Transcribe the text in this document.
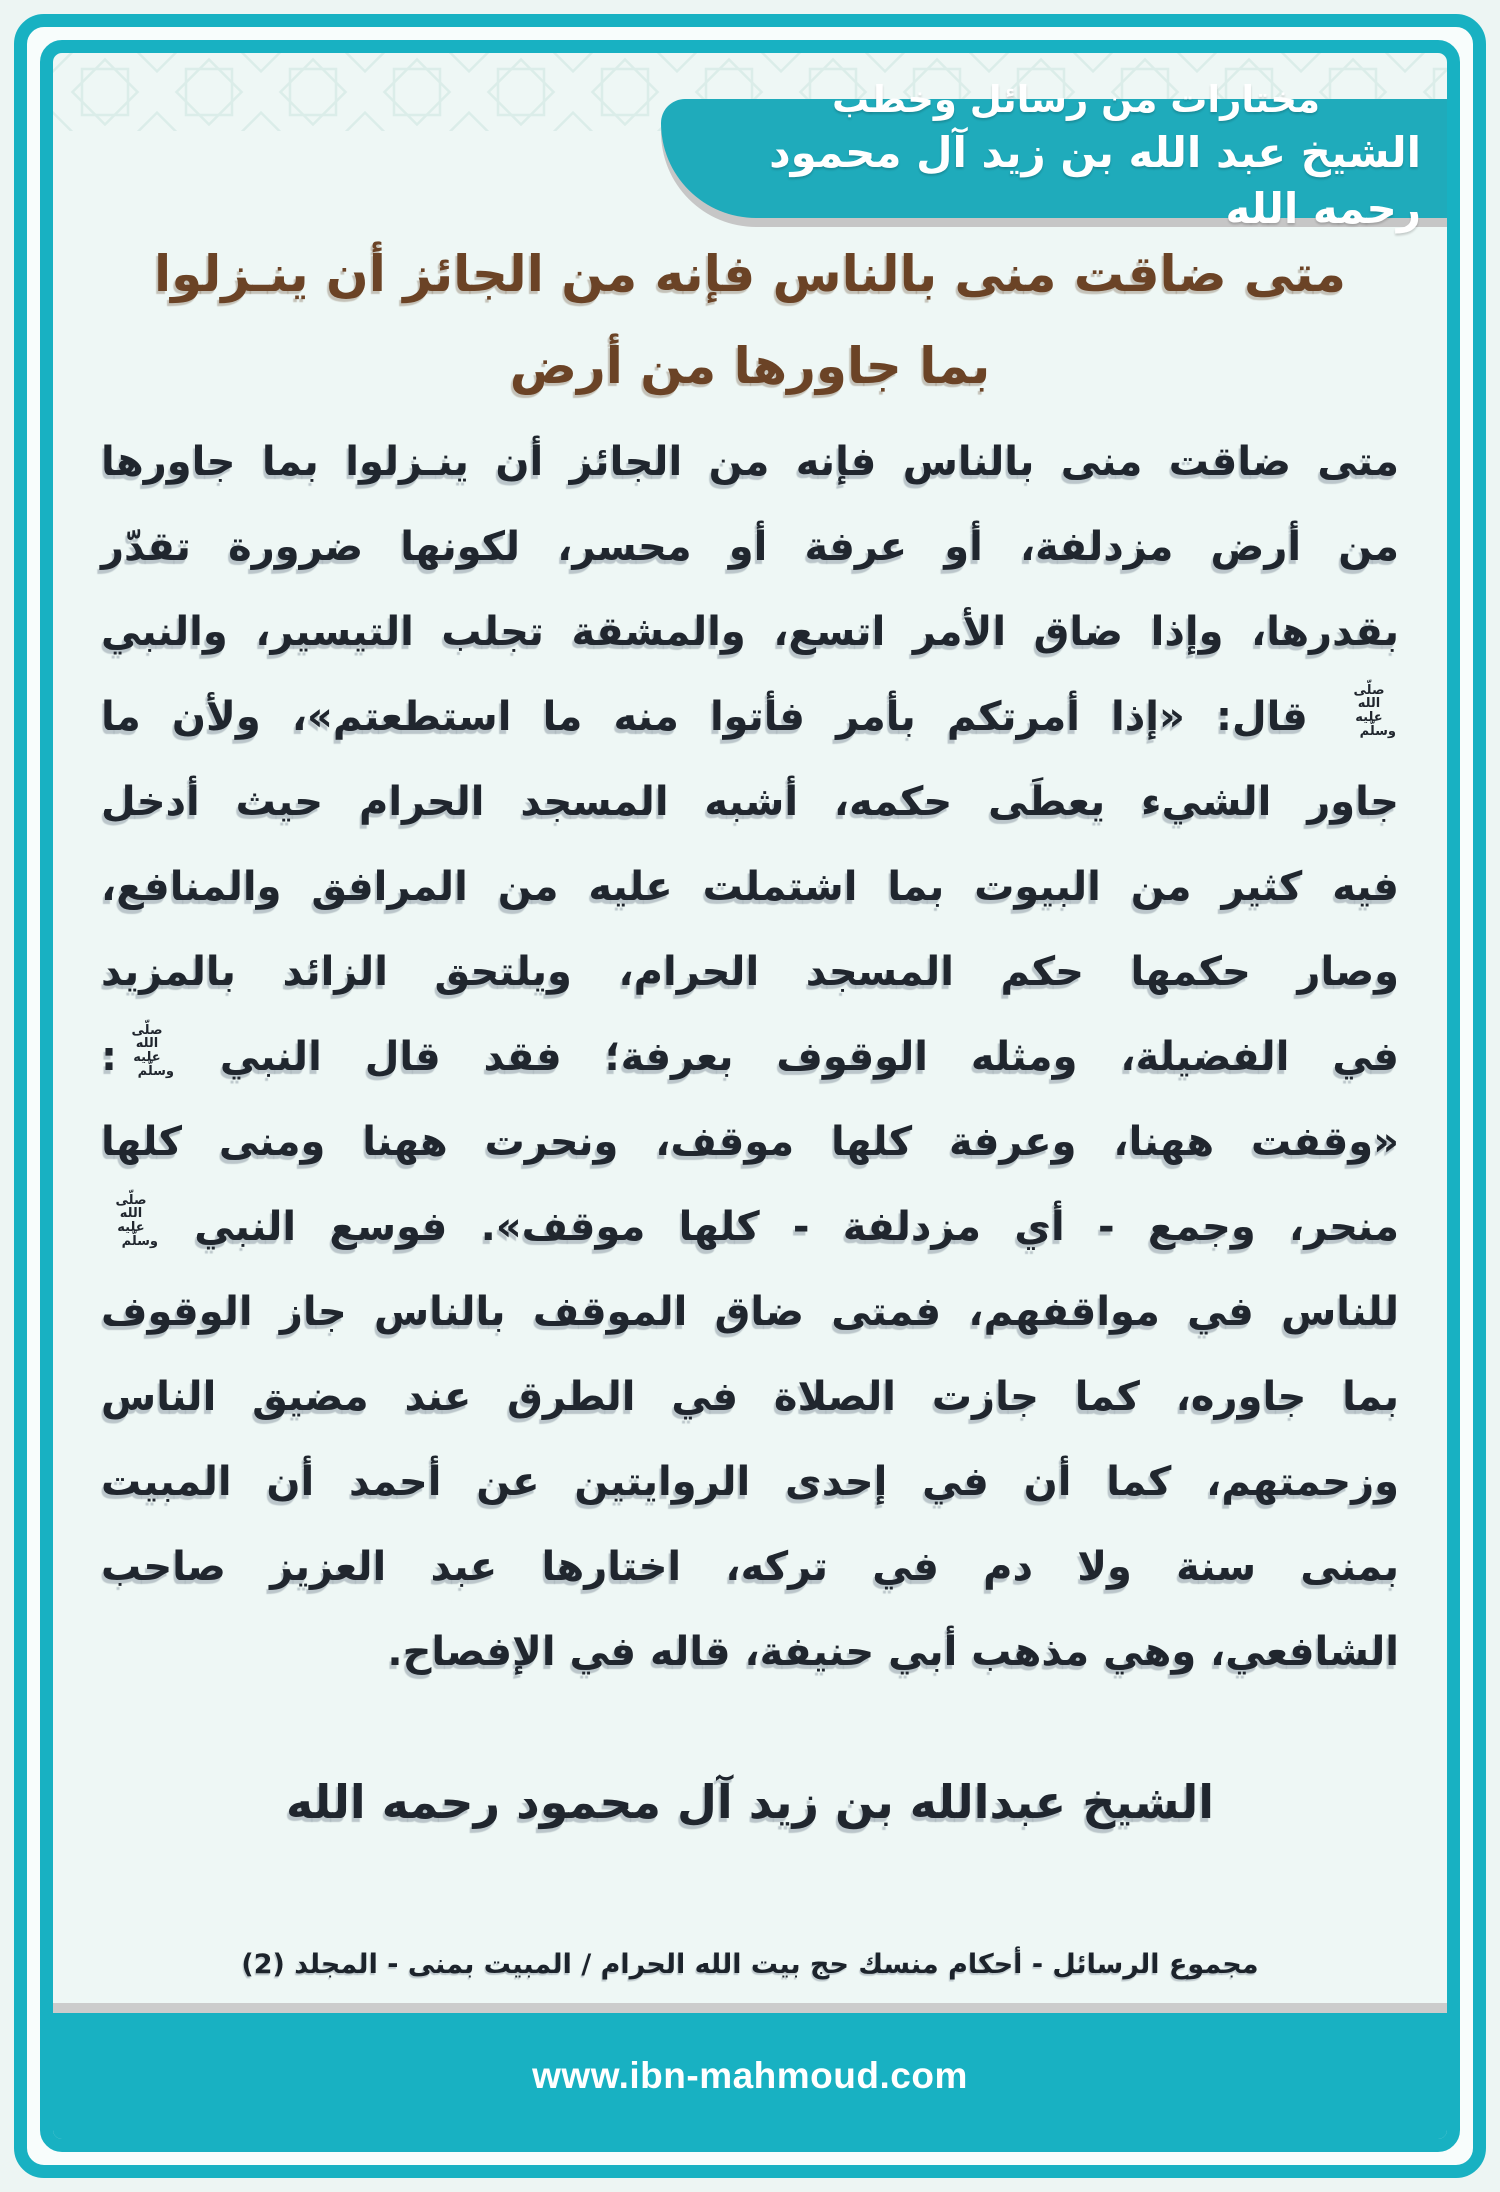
مختارات من رسائل وخطب
الشيخ عبد الله بن زيد آل محمود رحمه الله
متى ضاقت منى بالناس فإنه من الجائز أن ينـزلوا
بما جاورها من أرض
متى ضاقت منى بالناس فإنه من الجائز أن ينـزلوا بما جاورها
من أرض مزدلفة، أو عرفة أو محسر، لكونها ضرورة تقدّر
بقدرها، وإذا ضاق الأمر اتسع، والمشقة تجلب التيسير، والنبي
صلّى الله عليه وسلّم قال: «إذا أمرتكم بأمر فأتوا منه ما استطعتم»، ولأن ما
جاور الشيء يعطَى حكمه، أشبه المسجد الحرام حيث أدخل
فيه كثير من البيوت بما اشتملت عليه من المرافق والمنافع،
وصار حكمها حكم المسجد الحرام، ويلتحق الزائد بالمزيد
في الفضيلة، ومثله الوقوف بعرفة؛ فقد قال النبي صلّى الله عليه وسلّم:
«وقفت ههنا، وعرفة كلها موقف، ونحرت ههنا ومنى كلها
منحر، وجمع - أي مزدلفة - كلها موقف». فوسع النبي صلّى الله عليه وسلّم
للناس في مواقفهم، فمتى ضاق الموقف بالناس جاز الوقوف
بما جاوره، كما جازت الصلاة في الطرق عند مضيق الناس
وزحمتهم، كما أن في إحدى الروايتين عن أحمد أن المبيت
بمنى سنة ولا دم في تركه، اختارها عبد العزيز صاحب
الشافعي، وهي مذهب أبي حنيفة، قاله في الإفصاح.
الشيخ عبدالله بن زيد آل محمود رحمه الله
مجموع الرسائل - أحكام منسك حج بيت الله الحرام / المبيت بمنى - المجلد (2)
www.ibn-mahmoud.com
